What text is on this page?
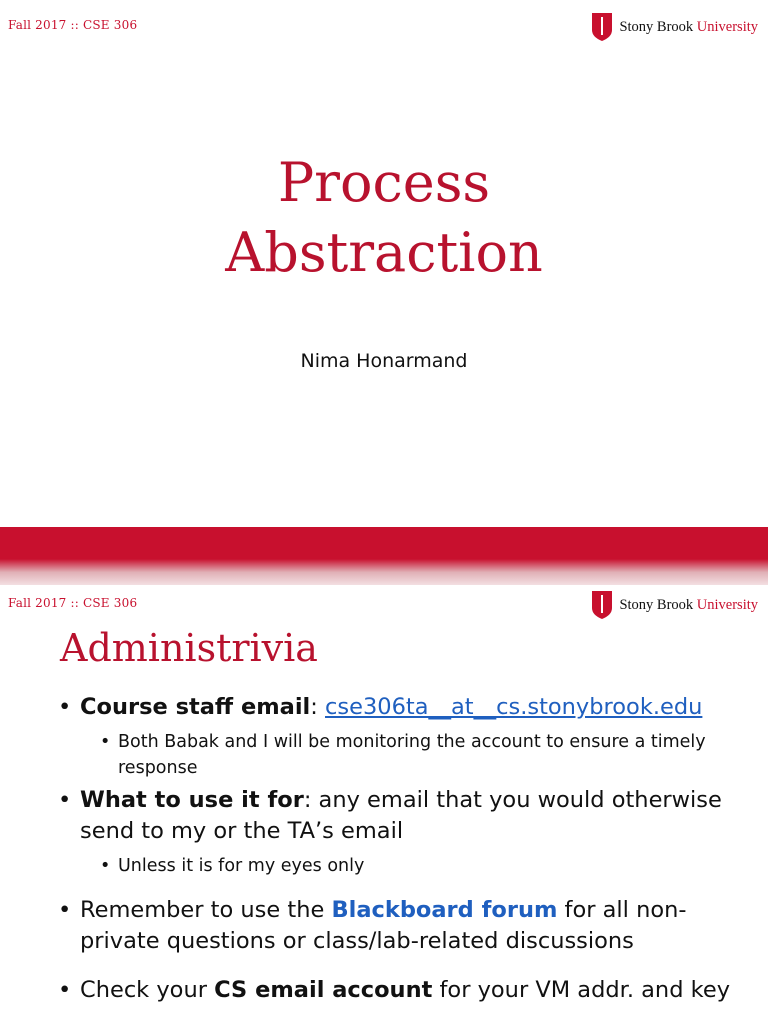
Fall 2017 :: CSE 306	Stony Brook University
Process
Abstraction
Nima Honarmand
Fall 2017 :: CSE 306	Stony Brook University
Administrivia
• Course staff email: cse306ta__at__cs.stonybrook.edu
• Both Babak and I will be monitoring the account to ensure a timely response
• What to use it for: any email that you would otherwise send to my or the TA’s email
• Unless it is for my eyes only
• Remember to use the Blackboard forum for all non-private questions or class/lab-related discussions
• Check your CS email account for your VM addr. and key
